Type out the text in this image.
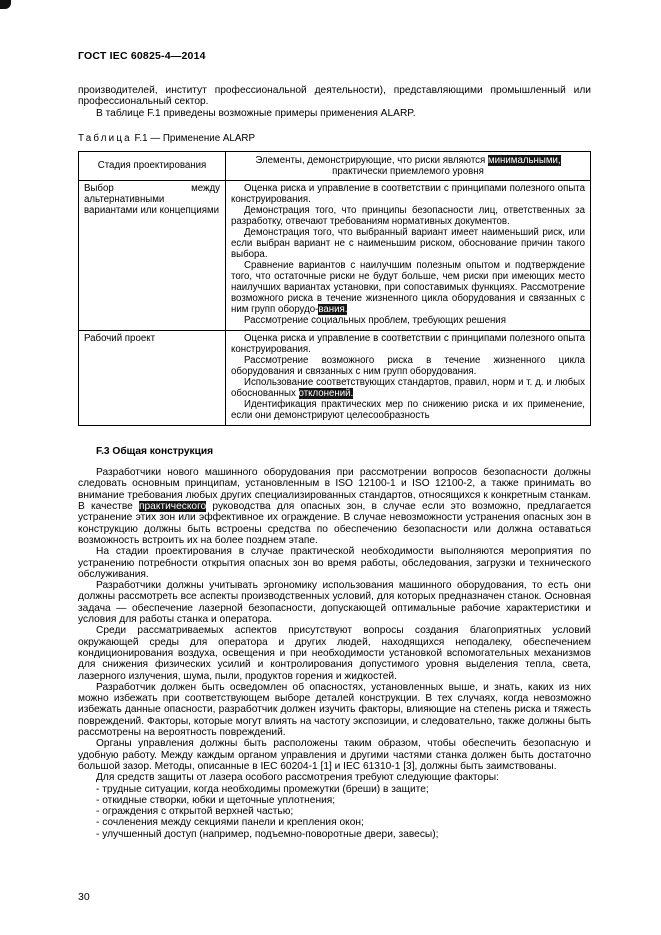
ГОСТ IEC 60825-4—2014

производителей, институт профессиональной деятельности), представляющими промышленный или профессиональный сектор.

В таблице F.1 приведены возможные примеры применения ALARP.

Таблица F.1 — Применение ALARP

Стадия проектирования	Элементы, демонстрирующие, что риски являются минимальными,
практически приемлемого уровня
Выбор между альтернативными вариантами или концепциями	Оценка риска и управление в соответствии с принципами полезного опыта конструирования.

Демонстрация того, что принципы безопасности лиц, ответственных за разработку, отвечают требованиям нормативных документов.

Демонстрация того, что выбранный вариант имеет наименьший риск, или если выбран вариант не с наименьшим риском, обоснование причин такого выбора.

Сравнение вариантов с наилучшим полезным опытом и подтверждение того, что остаточные риски не будут больше, чем риски при имеющих место наилучших вариантах установки, при сопоставимых функциях. Рассмотрение возможного риска в течение жизненного цикла оборудования и связанных с ним групп оборудо-вания.

Рассмотрение социальных проблем, требующих решения

Рабочий проект	Оценка риска и управление в соответствии с принципами полезного опыта конструирования.

Рассмотрение возможного риска в течение жизненного цикла оборудования и связанных с ним групп оборудования.

Использование соответствующих стандартов, правил, норм и т. д. и любых обоснованных отклонений.

Идентификация практических мер по снижению риска и их применение, если они демонстрируют целесообразность

F.3 Общая конструкция

Разработчики нового машинного оборудования при рассмотрении вопросов безопасности должны следовать основным принципам, установленным в ISO 12100-1 и ISO 12100-2, а также принимать во внимание требования любых других специализированных стандартов, относящихся к конкретным станкам. В качестве практического руководства для опасных зон, в случае если это возможно, предлагается устранение этих зон или эффективное их ограждение. В случае невозможности устранения опасных зон в конструкцию должны быть встроены средства по обеспечению безопасности или должна оставаться возможность встроить их на более позднем этапе.

На стадии проектирования в случае практической необходимости выполняются мероприятия по устранению потребности открытия опасных зон во время работы, обследования, загрузки и технического обслуживания.

Разработчики должны учитывать эргономику использования машинного оборудования, то есть они должны рассмотреть все аспекты производственных условий, для которых предназначен станок. Основная задача — обеспечение лазерной безопасности, допускающей оптимальные рабочие характеристики и условия для работы станка и оператора.

Среди рассматриваемых аспектов присутствуют вопросы создания благоприятных условий окружающей среды для оператора и других людей, находящихся неподалеку, обеспечением кондиционирования воздуха, освещения и при необходимости установкой вспомогательных механизмов для снижения физических усилий и контролирования допустимого уровня выделения тепла, света, лазерного излучения, шума, пыли, продуктов горения и жидкостей.

Разработчик должен быть осведомлен об опасностях, установленных выше, и знать, каких из них можно избежать при соответствующем выборе деталей конструкции. В тех случаях, когда невозможно избежать данные опасности, разработчик должен изучить факторы, влияющие на степень риска и тяжесть повреждений. Факторы, которые могут влиять на частоту экспозиции, и следовательно, также должны быть рассмотрены на вероятность повреждений.

Органы управления должны быть расположены таким образом, чтобы обеспечить безопасную и удобную работу. Между каждым органом управления и другими частями станка должен быть достаточно большой зазор. Методы, описанные в IEC 60204-1 [1] и IEC 61310-1 [3], должны быть заимствованы.

Для средств защиты от лазера особого рассмотрения требуют следующие факторы:

- трудные ситуации, когда необходимы промежутки (бреши) в защите;

- откидные створки, юбки и щеточные уплотнения;

- ограждения с открытой верхней частью;

- сочленения между секциями панели и крепления окон;

- улучшенный доступ (например, подъемно-поворотные двери, завесы);

30
